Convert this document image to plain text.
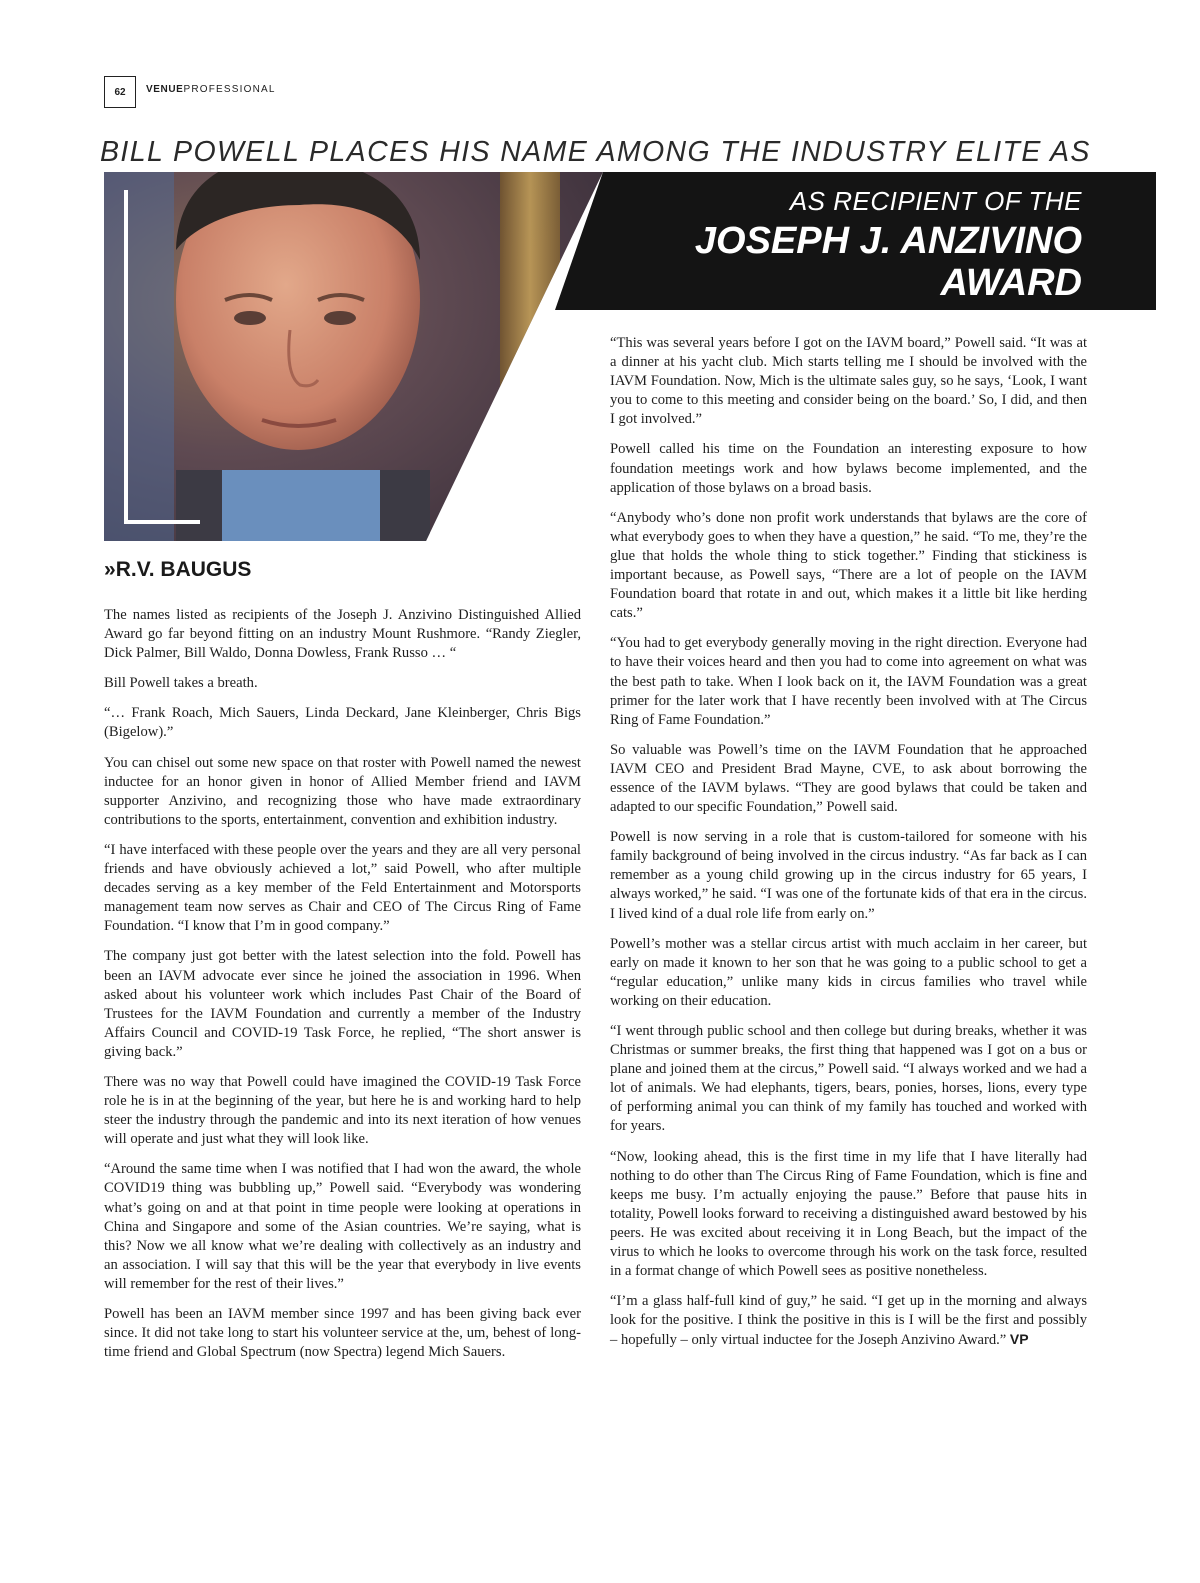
62	VENUEPROFESSIONAL
BILL POWELL PLACES HIS NAME AMONG THE INDUSTRY ELITE AS
AS RECIPIENT OF THE
JOSEPH J. ANZIVINO
AWARD
»R.V. BAUGUS

The names listed as recipients of the Joseph J. Anzivino Distinguished Allied Award go far beyond fitting on an industry Mount Rushmore. “Randy Ziegler, Dick Palmer, Bill Waldo, Donna Dowless, Frank Russo … “

Bill Powell takes a breath.

“… Frank Roach, Mich Sauers, Linda Deckard, Jane Kleinberger, Chris Bigs (Bigelow).”

You can chisel out some new space on that roster with Powell named the newest inductee for an honor given in honor of Allied Member friend and IAVM supporter Anzivino, and recognizing those who have made extraordinary contributions to the sports, entertainment, convention and exhibition industry.

“I have interfaced with these people over the years and they are all very personal friends and have obviously achieved a lot,” said Powell, who after multiple decades serving as a key member of the Feld Entertainment and Motorsports management team now serves as Chair and CEO of The Circus Ring of Fame Foundation. “I know that I’m in good company.”

The company just got better with the latest selection into the fold. Powell has been an IAVM advocate ever since he joined the association in 1996. When asked about his volunteer work which includes Past Chair of the Board of Trustees for the IAVM Foundation and currently a member of the Industry Affairs Council and COVID-19 Task Force, he replied, “The short answer is giving back.”

There was no way that Powell could have imagined the COVID-19 Task Force role he is in at the beginning of the year, but here he is and working hard to help steer the industry through the pandemic and into its next iteration of how venues will operate and just what they will look like.

“Around the same time when I was notified that I had won the award, the whole COVID19 thing was bubbling up,” Powell said. “Everybody was wondering what’s going on and at that point in time people were looking at operations in China and Singapore and some of the Asian countries. We’re saying, what is this? Now we all know what we’re dealing with collectively as an industry and an association. I will say that this will be the year that everybody in live events will remember for the rest of their lives.”

Powell has been an IAVM member since 1997 and has been giving back ever since. It did not take long to start his volunteer service at the, um, behest of long-time friend and Global Spectrum (now Spectra) legend Mich Sauers.

“This was several years before I got on the IAVM board,” Powell said. “It was at a dinner at his yacht club. Mich starts telling me I should be involved with the IAVM Foundation. Now, Mich is the ultimate sales guy, so he says, ‘Look, I want you to come to this meeting and consider being on the board.’ So, I did, and then I got involved.”

Powell called his time on the Foundation an interesting exposure to how foundation meetings work and how bylaws become implemented, and the application of those bylaws on a broad basis.

“Anybody who’s done non profit work understands that bylaws are the core of what everybody goes to when they have a question,” he said. “To me, they’re the glue that holds the whole thing to stick together.” Finding that stickiness is important because, as Powell says, “There are a lot of people on the IAVM Foundation board that rotate in and out, which makes it a little bit like herding cats.”

“You had to get everybody generally moving in the right direction. Everyone had to have their voices heard and then you had to come into agreement on what was the best path to take. When I look back on it, the IAVM Foundation was a great primer for the later work that I have recently been involved with at The Circus Ring of Fame Foundation.”

So valuable was Powell’s time on the IAVM Foundation that he approached IAVM CEO and President Brad Mayne, CVE, to ask about borrowing the essence of the IAVM bylaws. “They are good bylaws that could be taken and adapted to our specific Foundation,” Powell said.

Powell is now serving in a role that is custom-tailored for someone with his family background of being involved in the circus industry. “As far back as I can remember as a young child growing up in the circus industry for 65 years, I always worked,” he said. “I was one of the fortunate kids of that era in the circus. I lived kind of a dual role life from early on.”

Powell’s mother was a stellar circus artist with much acclaim in her career, but early on made it known to her son that he was going to a public school to get a “regular education,” unlike many kids in circus families who travel while working on their education.

“I went through public school and then college but during breaks, whether it was Christmas or summer breaks, the first thing that happened was I got on a bus or plane and joined them at the circus,” Powell said. “I always worked and we had a lot of animals. We had elephants, tigers, bears, ponies, horses, lions, every type of performing animal you can think of my family has touched and worked with for years.

“Now, looking ahead, this is the first time in my life that I have literally had nothing to do other than The Circus Ring of Fame Foundation, which is fine and keeps me busy. I’m actually enjoying the pause.” Before that pause hits in totality, Powell looks forward to receiving a distinguished award bestowed by his peers. He was excited about receiving it in Long Beach, but the impact of the virus to which he looks to overcome through his work on the task force, resulted in a format change of which Powell sees as positive nonetheless.

“I’m a glass half-full kind of guy,” he said. “I get up in the morning and always look for the positive. I think the positive in this is I will be the first and possibly – hopefully – only virtual inductee for the Joseph Anzivino Award.” VP
